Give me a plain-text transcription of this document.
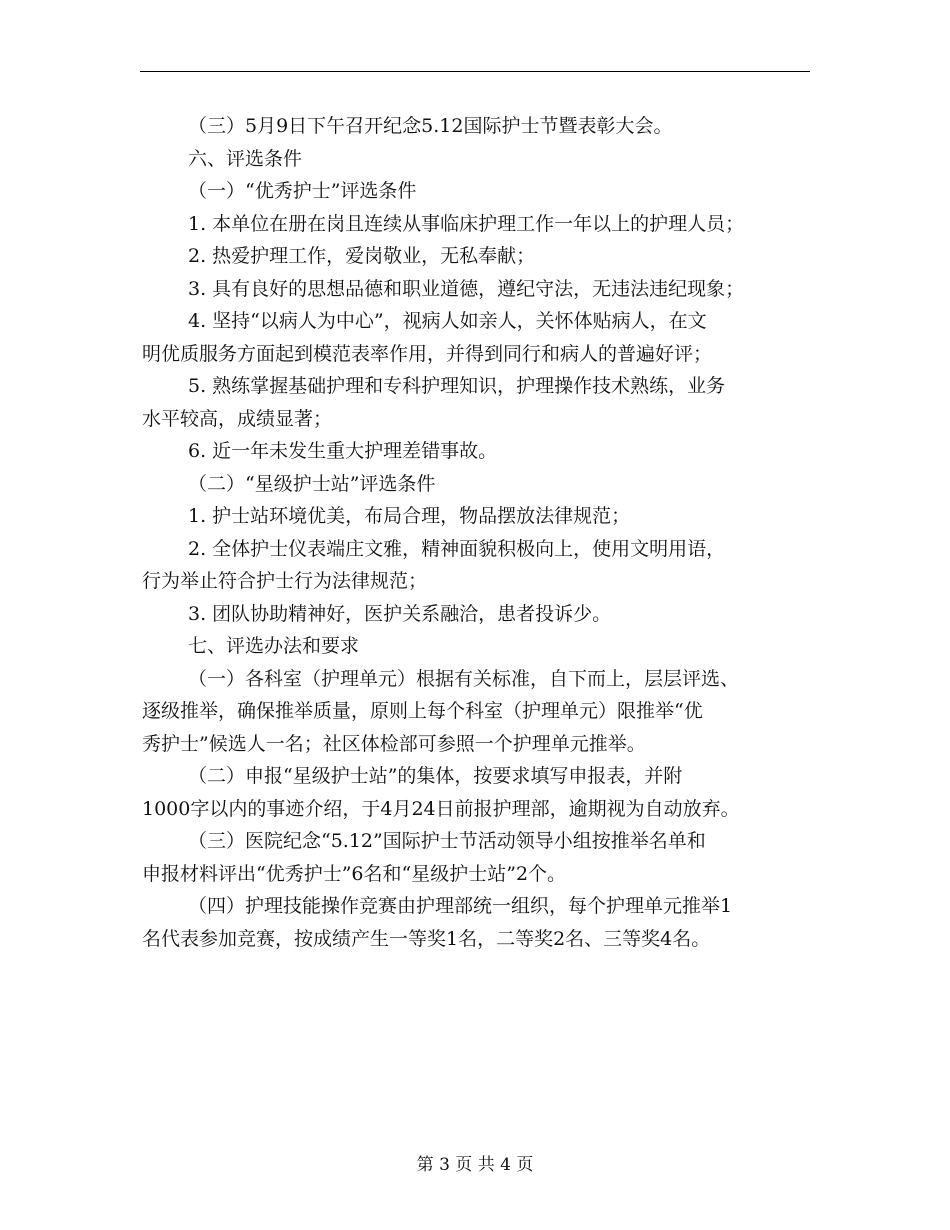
（三）5月9日下午召开纪念5.12国际护士节暨表彰大会。

六、评选条件

（一）“优秀护士”评选条件

1. 本单位在册在岗且连续从事临床护理工作一年以上的护理人员；

2. 热爱护理工作，爱岗敬业，无私奉献；

3. 具有良好的思想品德和职业道德，遵纪守法，无违法违纪现象；

4. 坚持“以病人为中心”，视病人如亲人，关怀体贴病人，在文

明优质服务方面起到模范表率作用，并得到同行和病人的普遍好评；

5. 熟练掌握基础护理和专科护理知识，护理操作技术熟练，业务

水平较高，成绩显著；

6. 近一年未发生重大护理差错事故。

（二）“星级护士站”评选条件

1. 护士站环境优美，布局合理，物品摆放法律规范；

2. 全体护士仪表端庄文雅，精神面貌积极向上，使用文明用语，

行为举止符合护士行为法律规范；

3. 团队协助精神好，医护关系融洽，患者投诉少。

七、评选办法和要求

（一）各科室（护理单元）根据有关标准，自下而上，层层评选、

逐级推举，确保推举质量，原则上每个科室（护理单元）限推举“优

秀护士”候选人一名；社区体检部可参照一个护理单元推举。

（二）申报“星级护士站”的集体，按要求填写申报表，并附

1000字以内的事迹介绍，于4月24日前报护理部，逾期视为自动放弃。

（三）医院纪念“5.12”国际护士节活动领导小组按推举名单和

申报材料评出“优秀护士”6名和“星级护士站”2个。

（四）护理技能操作竞赛由护理部统一组织，每个护理单元推举1

名代表参加竞赛，按成绩产生一等奖1名，二等奖2名、三等奖4名。

第 3 页 共 4 页
